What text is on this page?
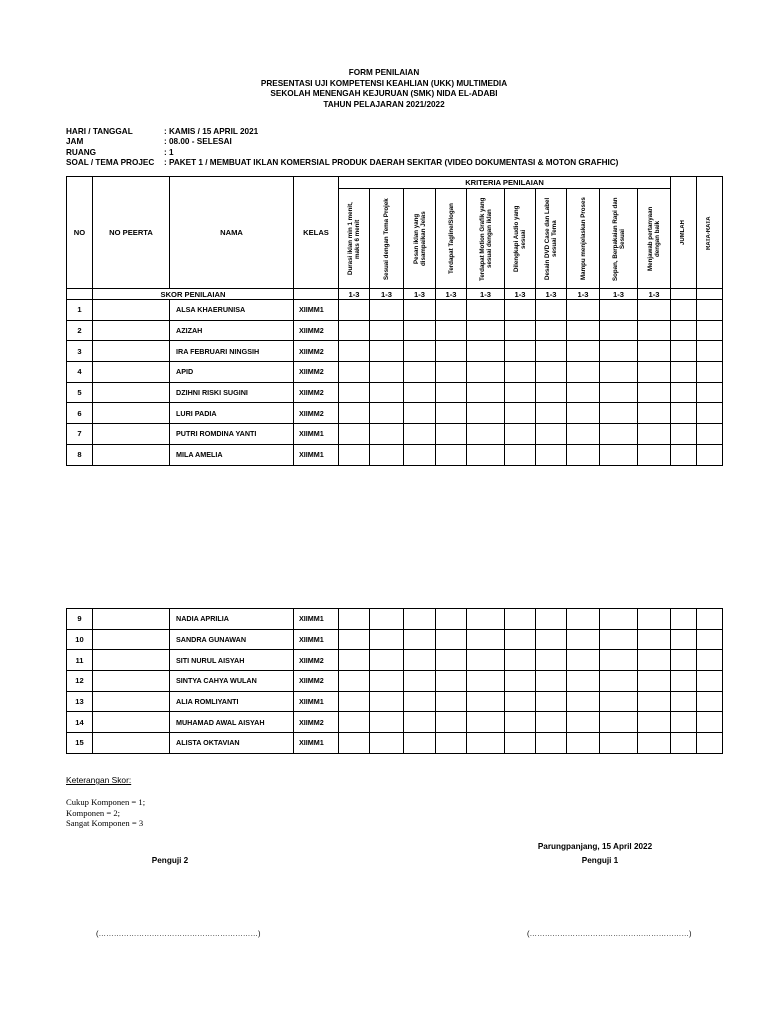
FORM PENILAIAN
PRESENTASI UJI KOMPETENSI KEAHLIAN (UKK) MULTIMEDIA
SEKOLAH MENENGAH KEJURUAN (SMK) NIDA EL-ADABI
TAHUN PELAJARAN 2021/2022
HARI / TANGGAL	: KAMIS / 15 APRIL 2021
JAM	: 08.00 - SELESAI
RUANG	: 1
SOAL / TEMA PROJEC	: PAKET 1 / MEMBUAT IKLAN KOMERSIAL PRODUK DAERAH SEKITAR (VIDEO DOKUMENTASI & MOTON GRAFHIC)
NO	NO PEERTA	NAMA	KELAS	KRITERIA PENILAIAN										JUMLAH	RATA-RATA

				Durasi iklan min 1 menit, maks 6 menit	Sesuai dengan Tema Projek	Pesan iklan yang disampaikan Jelas	Terdapat Tagline/Slogan	Terdapat Motion Grafik yang sesuai dengan iklan	Dilengkapi Audio yang sesuai	Desain DVD Case dan Label sesuai Tema	Mampu menjelaskan Proses	Sopan, Berpakaian Rapi dan Sesuai	Menjawab pertanyaan dengan baik		

	SKOR PENILAIAN			1-3	1-3	1-3	1-3	1-3	1-3	1-3	1-3	1-3	1-3		
1		ALSA KHAERUNISA	XIIMM1												
2		AZIZAH	XIIMM2												
3		IRA FEBRUARI NINGSIH	XIIMM2												
4		APID	XIIMM2												
5		DZIHNI RISKI SUGINI	XIIMM2												
6		LURI PADIA	XIIMM2												
7		PUTRI ROMDINA YANTI	XIIMM1												
8		MILA AMELIA	XIIMM1												
9		NADIA APRILIA	XIIMM1												
10		SANDRA GUNAWAN	XIIMM1												
11		SITI NURUL AISYAH	XIIMM2												
12		SINTYA CAHYA WULAN	XIIMM2												
13		ALIA ROMLIYANTI	XIIMM1												
14		MUHAMAD AWAL AISYAH	XIIMM2												
15		ALISTA OKTAVIAN	XIIMM1												
Keterangan Skor:
Cukup Komponen = 1;
Komponen = 2;
Sangat Komponen = 3
Parungpanjang, 15 April 2022
Penguji 2	Penguji 1
(………………………………………………………)	(………………………………………………………)
